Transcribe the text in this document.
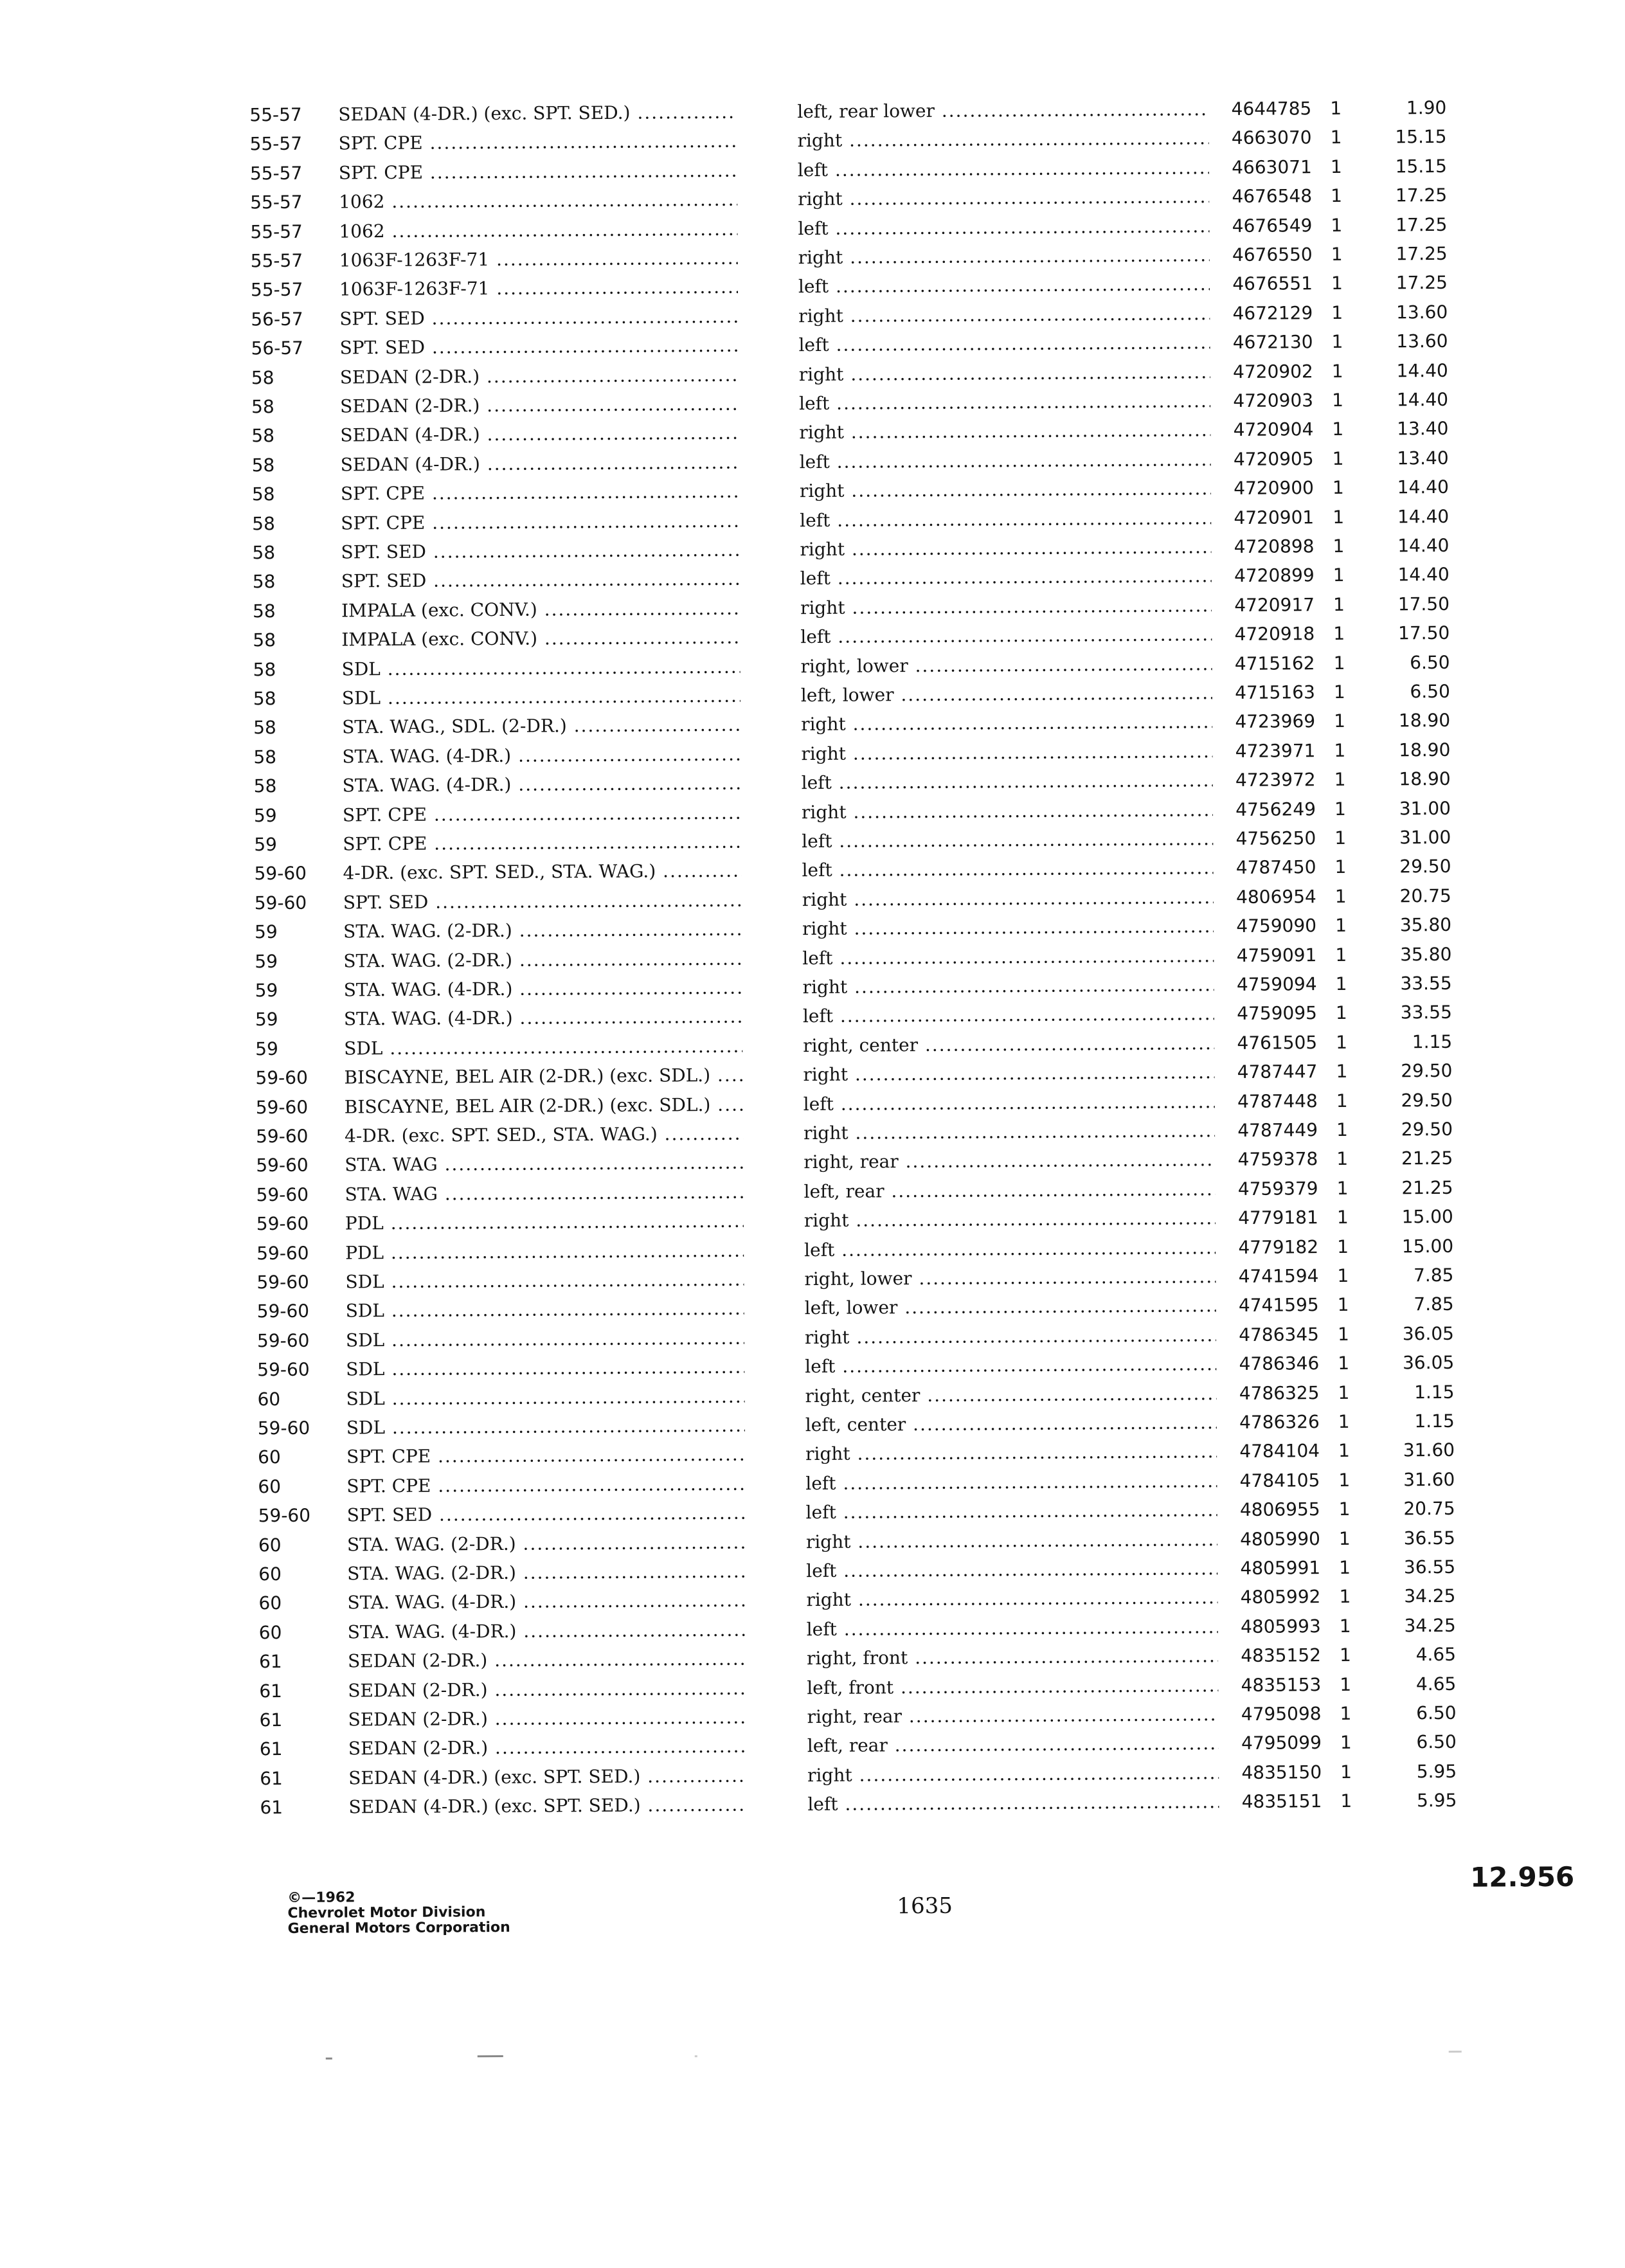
55-57	SEDAN (4-DR.) (exc. SPT. SED.) .....	left, rear lower .....	4644785	1	1.90
55-57	SPT. CPE .....	right .....	4663070	1	15.15
55-57	SPT. CPE .....	left .....	4663071	1	15.15
55-57	1062 .....	right .....	4676548	1	17.25
55-57	1062 .....	left .....	4676549	1	17.25
55-57	1063F-1263F-71 .....	right .....	4676550	1	17.25
55-57	1063F-1263F-71 .....	left .....	4676551	1	17.25
56-57	SPT. SED .....	right .....	4672129	1	13.60
56-57	SPT. SED .....	left .....	4672130	1	13.60
58	SEDAN (2-DR.) .....	right .....	4720902	1	14.40
58	SEDAN (2-DR.) .....	left .....	4720903	1	14.40
58	SEDAN (4-DR.) .....	right .....	4720904	1	13.40
58	SEDAN (4-DR.) .....	left .....	4720905	1	13.40
58	SPT. CPE .....	right .....	4720900	1	14.40
58	SPT. CPE .....	left .....	4720901	1	14.40
58	SPT. SED .....	right .....	4720898	1	14.40
58	SPT. SED .....	left .....	4720899	1	14.40
58	IMPALA (exc. CONV.) .....	right .....	4720917	1	17.50
58	IMPALA (exc. CONV.) .....	left .....	4720918	1	17.50
58	SDL .....	right, lower .....	4715162	1	6.50
58	SDL .....	left, lower .....	4715163	1	6.50
58	STA. WAG., SDL. (2-DR.) .....	right .....	4723969	1	18.90
58	STA. WAG. (4-DR.) .....	right .....	4723971	1	18.90
58	STA. WAG. (4-DR.) .....	left .....	4723972	1	18.90
59	SPT. CPE .....	right .....	4756249	1	31.00
59	SPT. CPE .....	left .....	4756250	1	31.00
59-60	4-DR. (exc. SPT. SED., STA. WAG.) .....	left .....	4787450	1	29.50
59-60	SPT. SED .....	right .....	4806954	1	20.75
59	STA. WAG. (2-DR.) .....	right .....	4759090	1	35.80
59	STA. WAG. (2-DR.) .....	left .....	4759091	1	35.80
59	STA. WAG. (4-DR.) .....	right .....	4759094	1	33.55
59	STA. WAG. (4-DR.) .....	left .....	4759095	1	33.55
59	SDL .....	right, center .....	4761505	1	1.15
59-60	BISCAYNE, BEL AIR (2-DR.) (exc. SDL.) .....	right .....	4787447	1	29.50
59-60	BISCAYNE, BEL AIR (2-DR.) (exc. SDL.) .....	left .....	4787448	1	29.50
59-60	4-DR. (exc. SPT. SED., STA. WAG.) .....	right .....	4787449	1	29.50
59-60	STA. WAG .....	right, rear .....	4759378	1	21.25
59-60	STA. WAG .....	left, rear .....	4759379	1	21.25
59-60	PDL .....	right .....	4779181	1	15.00
59-60	PDL .....	left .....	4779182	1	15.00
59-60	SDL .....	right, lower .....	4741594	1	7.85
59-60	SDL .....	left, lower .....	4741595	1	7.85
59-60	SDL .....	right .....	4786345	1	36.05
59-60	SDL .....	left .....	4786346	1	36.05
60	SDL .....	right, center .....	4786325	1	1.15
59-60	SDL .....	left, center .....	4786326	1	1.15
60	SPT. CPE .....	right .....	4784104	1	31.60
60	SPT. CPE .....	left .....	4784105	1	31.60
59-60	SPT. SED .....	left .....	4806955	1	20.75
60	STA. WAG. (2-DR.) .....	right .....	4805990	1	36.55
60	STA. WAG. (2-DR.) .....	left .....	4805991	1	36.55
60	STA. WAG. (4-DR.) .....	right .....	4805992	1	34.25
60	STA. WAG. (4-DR.) .....	left .....	4805993	1	34.25
61	SEDAN (2-DR.) .....	right, front .....	4835152	1	4.65
61	SEDAN (2-DR.) .....	left, front .....	4835153	1	4.65
61	SEDAN (2-DR.) .....	right, rear .....	4795098	1	6.50
61	SEDAN (2-DR.) .....	left, rear .....	4795099	1	6.50
61	SEDAN (4-DR.) (exc. SPT. SED.) .....	right .....	4835150	1	5.95
61	SEDAN (4-DR.) (exc. SPT. SED.) .....	left .....	4835151	1	5.95
©—1962
Chevrolet Motor Division
General Motors Corporation
1635
12.956
